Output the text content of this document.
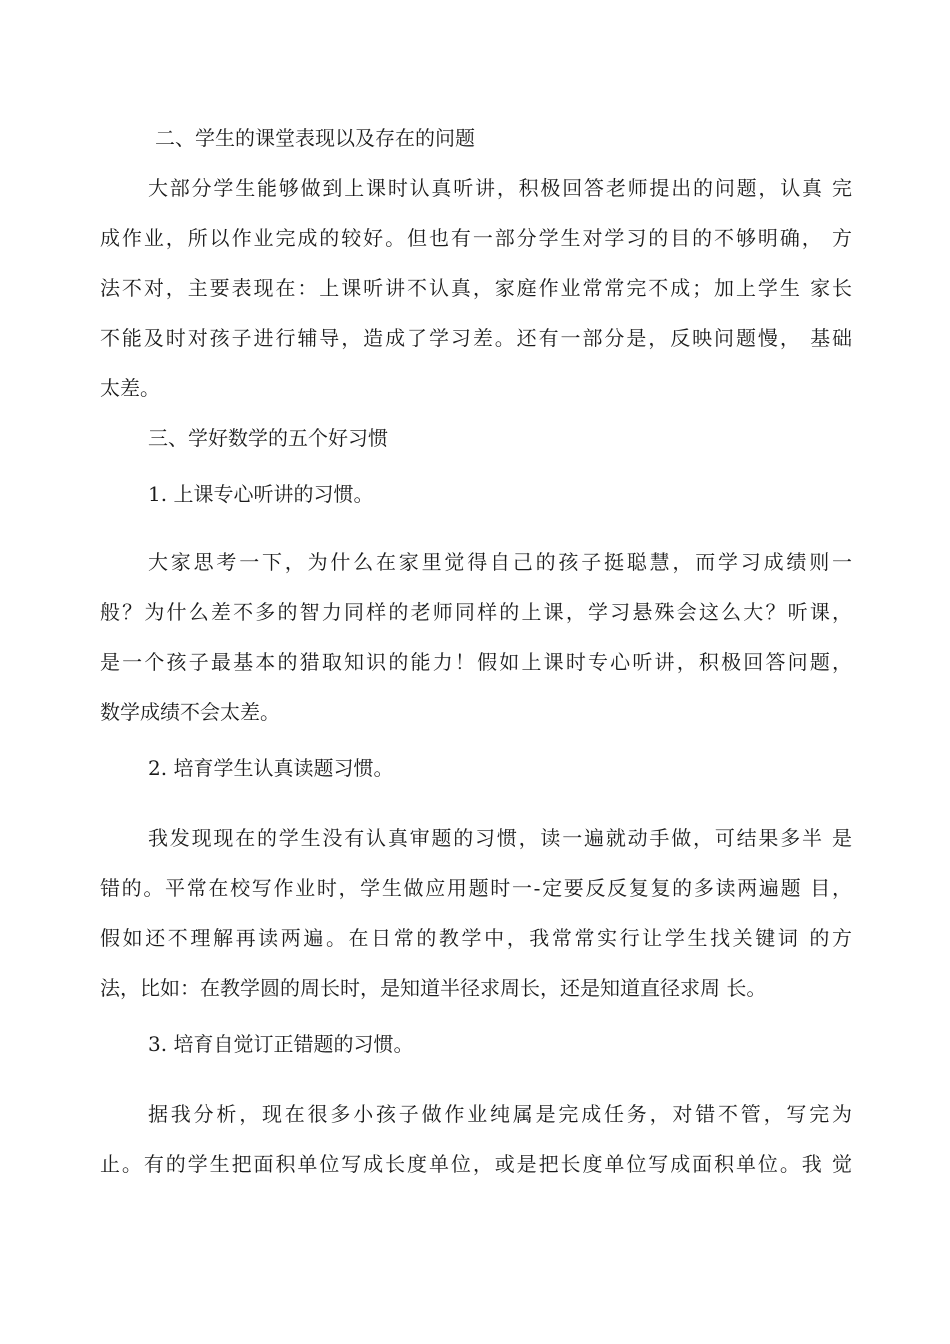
二、学生的课堂表现以及存在的问题
大部分学生能够做到上课时认真听讲，积极回答老师提出的问题，认真 完
成作业，所以作业完成的较好。但也有一部分学生对学习的目的不够明确， 方
法不对，主要表现在：上课听讲不认真，家庭作业常常完不成；加上学生 家长
不能及时对孩子进行辅导，造成了学习差。还有一部分是，反映问题慢， 基础
太差。
三、学好数学的五个好习惯
1. 上课专心听讲的习惯。
大家思考一下，为什么在家里觉得自己的孩子挺聪慧，而学习成绩则一
般？为什么差不多的智力同样的老师同样的上课，学习悬殊会这么大？听课，
是一个孩子最基本的猎取知识的能力！假如上课时专心听讲，积极回答问题，
数学成绩不会太差。
2. 培育学生认真读题习惯。
我发现现在的学生没有认真审题的习惯，读一遍就动手做，可结果多半 是
错的。平常在校写作业时，学生做应用题时一-定要反反复复的多读两遍题 目，
假如还不理解再读两遍。在日常的教学中，我常常实行让学生找关键词 的方
法，比如：在教学圆的周长时，是知道半径求周长，还是知道直径求周 长。
3. 培育自觉订正错题的习惯。
据我分析，现在很多小孩子做作业纯属是完成任务，对错不管，写完为
止。有的学生把面积单位写成长度单位，或是把长度单位写成面积单位。我 觉
